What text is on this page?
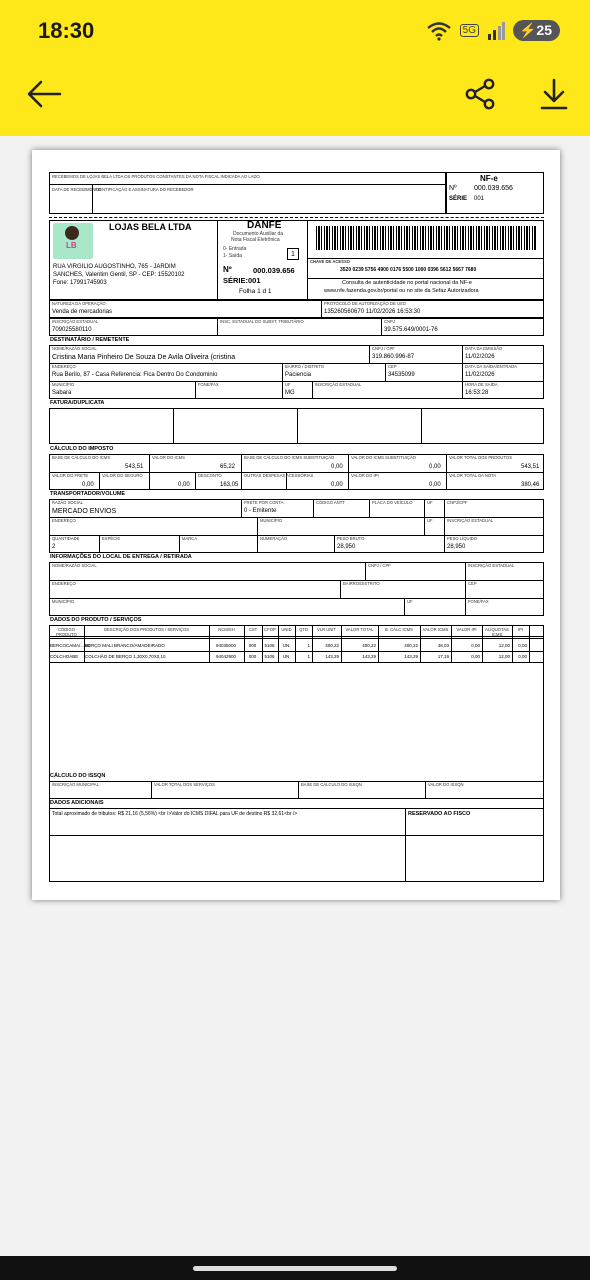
18:30	5G	⚡25
RECEBEMOS DE LOJAS BELA LTDA OS PRODUTOS CONSTANTES DA NOTA FISCAL INDICADA AO LADO
DATA DE RECEBIMENTO
IDENTIFICAÇÃO E ASSINATURA DO RECEBEDOR
NF-e
Nº 000.039.656
SÉRIE 001
LB
LOJAS BELA LTDA
RUA VIRGILIO AUGOSTINHO, 765 - JARDIM
SANCHES, Valentim Gentil, SP - CEP: 15520102
Fone: 17991745903
DANFE
Documento Auxiliar da
Nota Fiscal Eletrônica
0- Entrada
1- Saída	1
Nº	000.039.656
SÉRIE:001
Folha 1 d 1
CHAVE DE ACESSO
3520 0239 5756 4900 0176 5500 1000 0396 5612 5667 7680
Consulta de autenticidade no portal nacional da NF-e
www.nfe.fazenda.gov.br/portal ou no site da Sefaz Autorizadora
NATUREZA DA OPERAÇÃO
Venda de mercadorias
PROTOCOLO DE AUTORIZAÇÃO DE USO
135260560670 11/02/2026 16:53:30
INSCRIÇÃO ESTADUAL
709025580110
INSC. ESTADUAL DO SUBST. TRIBUTÁRIO	CNPJ
39.575.649/0001-76
DESTINATÁRIO / REMETENTE
NOME/RAZÃO SOCIAL
Cristina Maria Pinheiro De Souza De Avila Oliveira (cristina
CNPJ / CPF
319.860.996-87
DATA DA EMISSÃO
11/02/2026
ENDEREÇO
Rua Berilo, 87 - Casa Referencia: Fica Dentro Do Condominio
BAIRRO / DISTRITO
Paciencia
CEP
34535099
DATA DA SAÍDA/ENTRADA
11/02/2026
MUNICÍPIO
Sabara
FONE/FAX	UF
MG
INSCRIÇÃO ESTADUAL	HORA DE SAÍDA
16:53:28
FATURA/DUPLICATA
CÁLCULO DO IMPOSTO
BASE DE CÁLCULO DO ICMS
543,51
VALOR DO ICMS
65,22
BASE DE CÁLCULO DO ICMS SUBSTITUIÇÃO
0,00
VALOR DO ICMS SUBSTITUIÇÃO
0,00
VALOR TOTAL DOS PRODUTOS
543,51
VALOR DO FRETE
0,00
VALOR DO SEGURO
0,00
DESCONTO
163,05
OUTRAS DESPESAS ACESSÓRIAS
0,00
VALOR DO IPI
0,00
VALOR TOTAL DA NOTA
380,46
TRANSPORTADOR/VOLUME
RAZÃO SOCIAL
MERCADO ENVIOS
FRETE POR CONTA
0 - Emitente
CÓDIGO ANTT	PLACA DO VEÍCULO	UF	CNPJ/CPF
ENDEREÇO	MUNICÍPIO	UF	INSCRIÇÃO ESTADUAL
QUANTIDADE
2
ESPÉCIE	MARCA	NUMERAÇÃO	PESO BRUTO
28,950
PESO LÍQUIDO
28,950
INFORMAÇÕES DO LOCAL DE ENTREGA / RETIRADA
NOME/RAZÃO SOCIAL	CNPJ / CPF	INSCRIÇÃO ESTADUAL
ENDEREÇO	BAIRRO/DISTRITO	CEP
MUNICÍPIO	UF	FONE/FAX
DADOS DO PRODUTO / SERVIÇOS
CÁLCULO DO ISSQN
INSCRIÇÃO MUNICIPAL	VALOR TOTAL DOS SERVIÇOS	BASE DE CÁLCULO DO ISSQN	VALOR DO ISSQN
DADOS ADICIONAIS
Total aproximado de tributos: R$ 21,16 (5,56%) <br />Valor do ICMS DIFAL para UF de destino R$ 32,61<br />	RESERVADO AO FISCO
CÓDIGO PRODUTO
DESCRIÇÃO DOS PRODUTOS / SERVIÇOS	NCM/SH	CST	CFOP	UNID	QTD	VLR UNIT	VALOR TOTAL	B. CÁLC ICMS	VALOR ICMS	VALOR IPI	ALÍQUOTAS ICMS
IPI
BERCOCAMA/...SO
BERÇO MALI BRANCO/AMADEIRADO	94035000	000	5106	UN	1	400,22	400,22	400,22	48,03	0,00	12,00	0,00
COLCHOABE	COLCHÃO DE BERÇO 1,30X0,70X0,10	94042900	000	5106	UN	1	143,29	143,29	143,29	17,19	0,00	12,00	0,00
